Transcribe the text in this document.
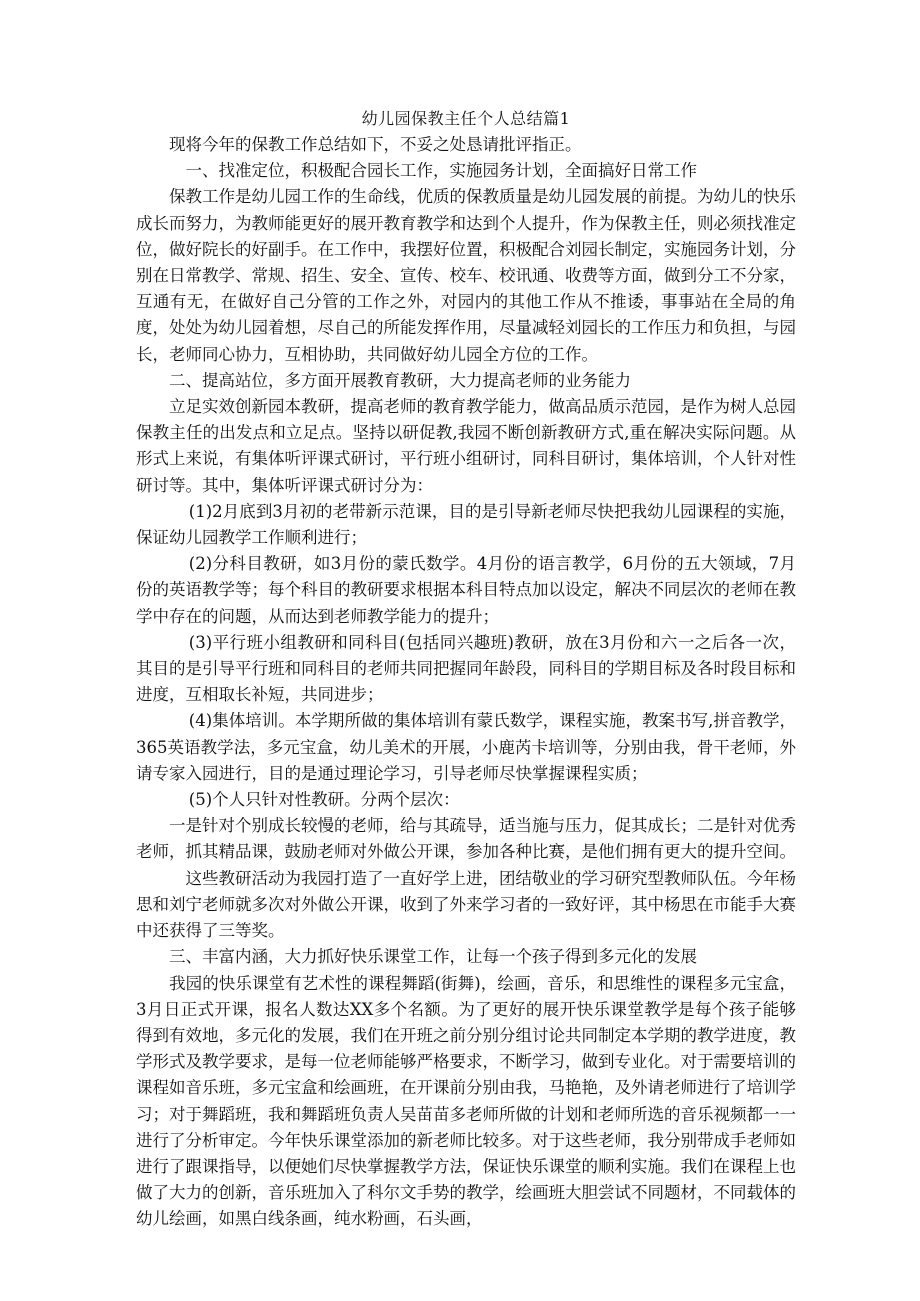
幼儿园保教主任个人总结篇1

现将今年的保教工作总结如下，不妥之处恳请批评指正。

一、找准定位，积极配合园长工作，实施园务计划，全面搞好日常工作

保教工作是幼儿园工作的生命线，优质的保教质量是幼儿园发展的前提。为幼儿的快乐成长而努力，为教师能更好的展开教育教学和达到个人提升，作为保教主任，则必须找准定位，做好院长的好副手。在工作中，我摆好位置，积极配合刘园长制定，实施园务计划，分别在日常教学、常规、招生、安全、宣传、校车、校讯通、收费等方面，做到分工不分家，互通有无，在做好自己分管的工作之外，对园内的其他工作从不推诿，事事站在全局的角度，处处为幼儿园着想，尽自己的所能发挥作用，尽量减轻刘园长的工作压力和负担，与园长，老师同心协力，互相协助，共同做好幼儿园全方位的工作。

二、提高站位，多方面开展教育教研，大力提高老师的业务能力

立足实效创新园本教研，提高老师的教育教学能力，做高品质示范园，是作为树人总园保教主任的出发点和立足点。坚持以研促教,我园不断创新教研方式,重在解决实际问题。从形式上来说，有集体听评课式研讨，平行班小组研讨，同科目研讨，集体培训，个人针对性研讨等。其中，集体听评课式研讨分为：

(1)2月底到3月初的老带新示范课，目的是引导新老师尽快把我幼儿园课程的实施，保证幼儿园教学工作顺利进行；

(2)分科目教研，如3月份的蒙氏数学。4月份的语言教学，6月份的五大领域，7月份的英语教学等；每个科目的教研要求根据本科目特点加以设定，解决不同层次的老师在教学中存在的问题，从而达到老师教学能力的提升；

(3)平行班小组教研和同科目(包括同兴趣班)教研，放在3月份和六一之后各一次，其目的是引导平行班和同科目的老师共同把握同年龄段，同科目的学期目标及各时段目标和进度，互相取长补短，共同进步；

(4)集体培训。本学期所做的集体培训有蒙氏数学，课程实施，教案书写,拼音教学，365英语教学法，多元宝盒，幼儿美术的开展，小鹿芮卡培训等，分别由我，骨干老师，外请专家入园进行，目的是通过理论学习，引导老师尽快掌握课程实质；

(5)个人只针对性教研。分两个层次：

一是针对个别成长较慢的老师，给与其疏导，适当施与压力，促其成长；二是针对优秀老师，抓其精品课，鼓励老师对外做公开课，参加各种比赛，是他们拥有更大的提升空间。

这些教研活动为我园打造了一直好学上进，团结敬业的学习研究型教师队伍。今年杨思和刘宁老师就多次对外做公开课，收到了外来学习者的一致好评，其中杨思在市能手大赛中还获得了三等奖。

三、丰富内涵，大力抓好快乐课堂工作，让每一个孩子得到多元化的发展

我园的快乐课堂有艺术性的课程舞蹈(街舞)，绘画，音乐，和思维性的课程多元宝盒，3月日正式开课，报名人数达XX多个名额。为了更好的展开快乐课堂教学是每个孩子能够得到有效地，多元化的发展，我们在开班之前分别分组讨论共同制定本学期的教学进度，教学形式及教学要求，是每一位老师能够严格要求，不断学习，做到专业化。对于需要培训的课程如音乐班，多元宝盒和绘画班，在开课前分别由我，马艳艳，及外请老师进行了培训学习；对于舞蹈班，我和舞蹈班负责人吴苗苗多老师所做的计划和老师所选的音乐视频都一一进行了分析审定。今年快乐课堂添加的新老师比较多。对于这些老师，我分别带成手老师如进行了跟课指导，以便她们尽快掌握教学方法，保证快乐课堂的顺利实施。我们在课程上也做了大力的创新，音乐班加入了科尔文手势的教学，绘画班大胆尝试不同题材，不同载体的幼儿绘画，如黑白线条画，纯水粉画，石头画，
